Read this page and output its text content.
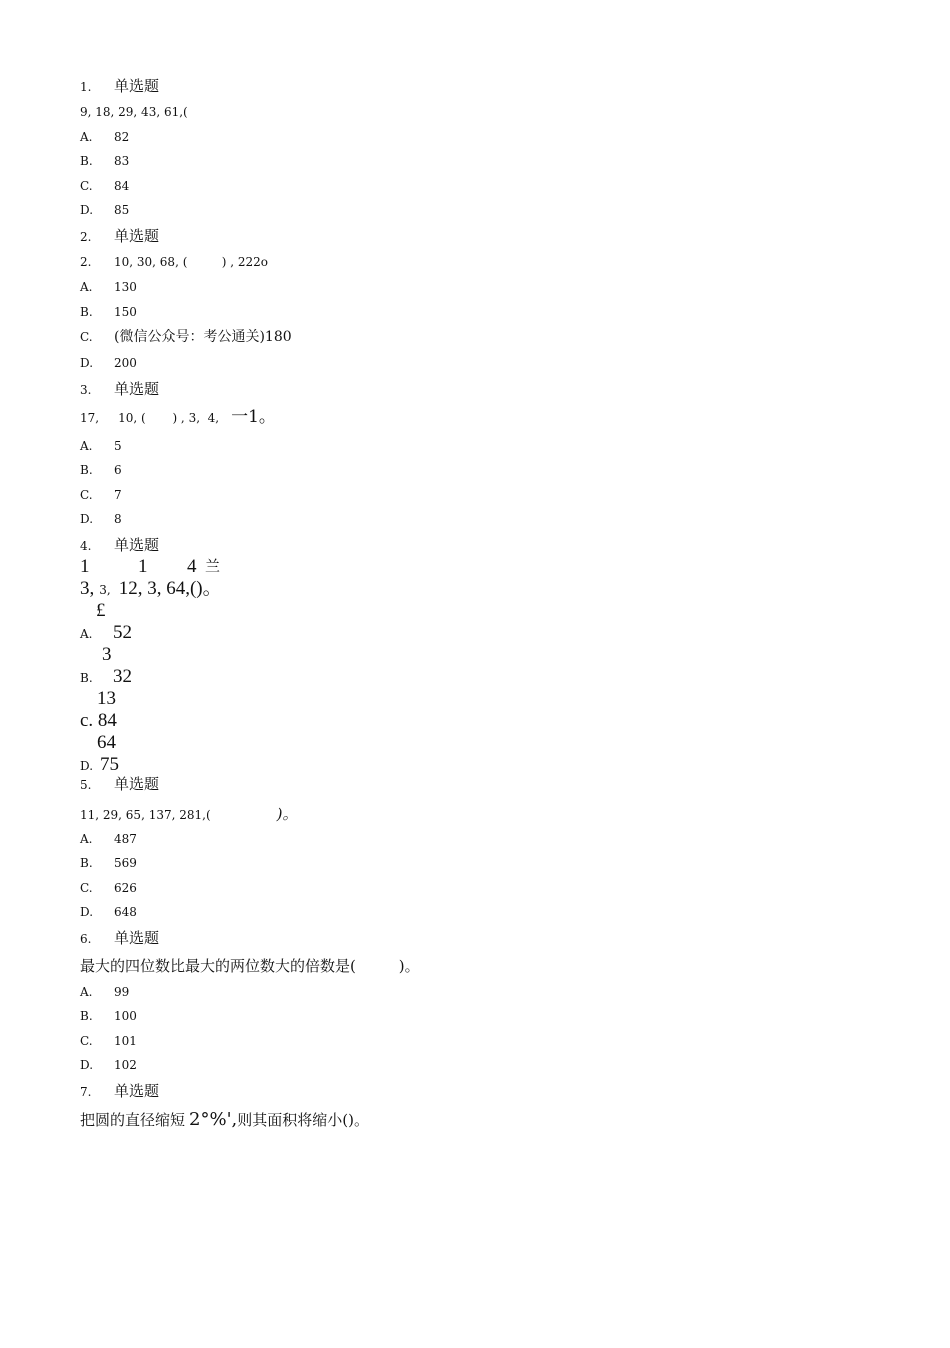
1. 单选题
9, 18, 29, 43, 61,(
A. 82
B. 83
C. 84
D. 85
2. 单选题
2. 10, 30, 68, (         ) , 222o
A. 130
B. 150
C. (微信公众号：考公通关)180
D. 200
3. 单选题
17,     10, (       ) , 3,  4, 一1。
A. 5
B. 6
C. 7
D. 8
4. 单选题
1	1 4 兰
3, 3, 12, 3, 64,()。
£
A. 52
3
B. 32
13
c. 84
64
D. 75
5. 单选题
11, 29, 65, 137, 281,(	)。
A. 487
B. 569
C. 626
D. 648
6. 单选题
最大的四位数比最大的两位数大的倍数是(         )。
A. 99
B. 100
C. 101
D. 102
7. 单选题
把圆的直径缩短 2°%',则其面积将缩小()。
